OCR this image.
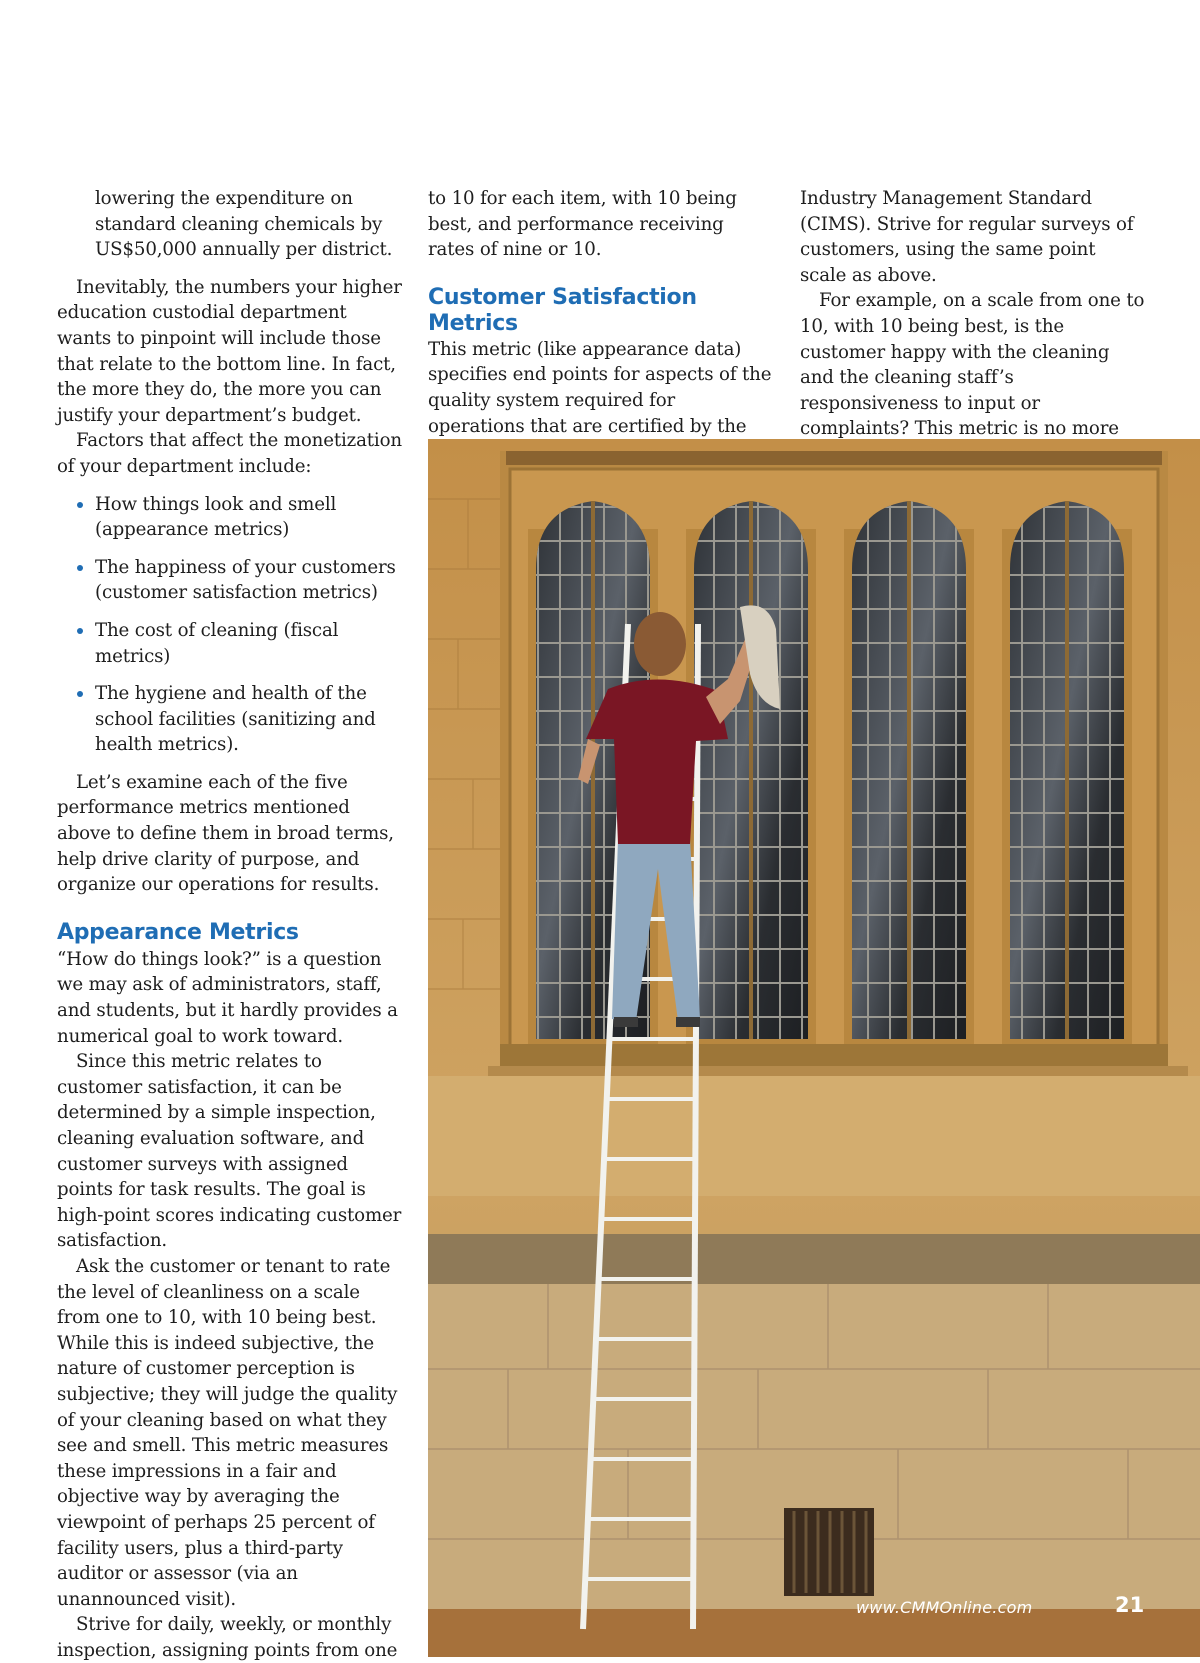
lowering the expenditure on standard cleaning chemicals by US$50,000 annually per district.

Inevitably, the numbers your higher education custodial department wants to pinpoint will include those that relate to the bottom line. In fact, the more they do, the more you can justify your department’s budget.

Factors that affect the monetization of your department include:

How things look and smell (appearance metrics)
The happiness of your customers (customer satisfaction metrics)
The cost of cleaning (fiscal metrics)
The hygiene and health of the school facilities (sanitizing and health metrics).

Let’s examine each of the five performance metrics mentioned above to define them in broad terms, help drive clarity of purpose, and organize our operations for results.

Appearance Metrics

“How do things look?” is a question we may ask of administrators, staff, and students, but it hardly provides a numerical goal to work toward.

Since this metric relates to customer satisfaction, it can be determined by a simple inspection, cleaning evaluation software, and customer surveys with assigned points for task results. The goal is high-point scores indicating customer satisfaction.

Ask the customer or tenant to rate the level of cleanliness on a scale from one to 10, with 10 being best. While this is indeed subjective, the nature of customer perception is subjective; they will judge the quality of your cleaning based on what they see and smell. This metric measures these impressions in a fair and objective way by averaging the viewpoint of perhaps 25 percent of facility users, plus a third-party auditor or assessor (via an unannounced visit).

Strive for daily, weekly, or monthly inspection, assigning points from one

to 10 for each item, with 10 being best, and performance receiving rates of nine or 10.

Customer Satisfaction Metrics

This metric (like appearance data) specifies end points for aspects of the quality system required for operations that are certified by the

Industry Management Standard (CIMS). Strive for regular surveys of customers, using the same point scale as above.

For example, on a scale from one to 10, with 10 being best, is the customer happy with the cleaning and the cleaning staff’s responsiveness to input or complaints? This metric is no more

www.CMMOnline.com	21
